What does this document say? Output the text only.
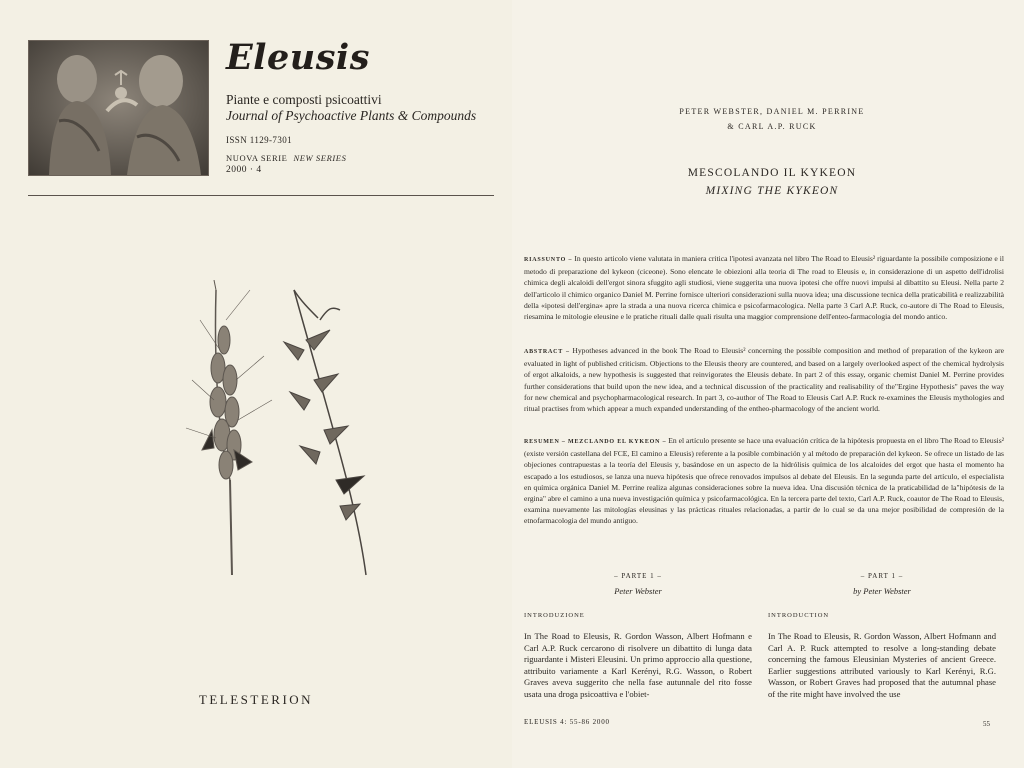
Eleusis
Piante e composti psicoattivi
Journal of Psychoactive Plants & Compounds
ISSN 1129-7301
NUOVA SERIE NEW SERIES
2000 · 4
TELESTERION
PETER WEBSTER, DANIEL M. PERRINE
& CARL A.P. RUCK
MESCOLANDO IL KYKEON
MIXING THE KYKEON
RIASSUNTO – In questo articolo viene valutata in maniera critica l'ipotesi avanzata nel libro The Road to Eleusis² riguardante la possibile composizione e il metodo di preparazione del kykeon (ciceone). Sono elencate le obiezioni alla teoria di The road to Eleusis e, in considerazione di un aspetto dell'idrolisi chimica degli alcaloidi dell'ergot sinora sfuggito agli studiosi, viene suggerita una nuova ipotesi che offre nuovi impulsi al dibattito su Eleusi. Nella parte 2 dell'articolo il chimico organico Daniel M. Perrine fornisce ulteriori considerazioni sulla nuova idea; una discussione tecnica della praticabilità e realizzabilità della «ipotesi dell'ergina» apre la strada a una nuova ricerca chimica e psicofarmacologica. Nella parte 3 Carl A.P. Ruck, co-autore di The Road to Eleusis, riesamina le mitologie eleusine e le pratiche rituali dalle quali risulta una maggior comprensione dell'enteo-farmacologia del mondo antico.
ABSTRACT – Hypotheses advanced in the book The Road to Eleusis² concerning the possible composition and method of preparation of the kykeon are evaluated in light of published criticism. Objections to the Eleusis theory are countered, and based on a largely overlooked aspect of the chemical hydrolysis of ergot alkaloids, a new hypothesis is suggested that reinvigorates the Eleusis debate. In part 2 of this essay, organic chemist Daniel M. Perrine provides further considerations that build upon the new idea, and a technical discussion of the practicality and realisability of the"Ergine Hypothesis" paves the way for new chemical and psychopharmacological research. In part 3, co-author of The Road to Eleusis Carl A.P. Ruck re-examines the Eleusis mythologies and ritual practises from which appear a much expanded understanding of the entheo-pharmacology of the ancient world.
RESUMEN – MEZCLANDO EL KYKEON – En el artículo presente se hace una evaluación crítica de la hipótesis propuesta en el libro The Road to Eleusis² (existe versión castellana del FCE, El camino a Eleusis) referente a la posible combinación y al método de preparación del kykeon. Se ofrece un listado de las objeciones contrapuestas a la teoría del Eleusis y, basándose en un aspecto de la hidrólisis química de los alcaloides del ergot que hasta el momento ha escapado a los estudiosos, se lanza una nueva hipótesis que ofrece renovados impulsos al debate del Eleusis. En la segunda parte del artículo, el especialista en química orgánica Daniel M. Perrine realiza algunas consideraciones sobre la nueva idea. Una discusión técnica de la praticabilidad de la"hipótesis de la ergina" abre el camino a una nueva investigación química y psicofarmacológica. En la tercera parte del texto, Carl A.P. Ruck, coautor de The Road to Eleusis, examina nuevamente las mitologías eleusinas y las prácticas rituales relacionadas, a partir de lo cual se da una mejor posibilidad de compresión de la etnofarmacologia del mundo antiguo.
– PARTE 1 –
Peter Webster
INTRODUZIONE
In The Road to Eleusis, R. Gordon Wasson, Albert Hofmann e Carl A.P. Ruck cercarono di risolvere un dibattito di lunga data riguardante i Misteri Eleusini. Un primo approccio alla questione, attribuito variamente a Karl Kerényi, R.G. Wasson, o Robert Graves aveva suggerito che nella fase autunnale del rito fosse usata una droga psicoattiva e l'obiet-
– PART 1 –
by Peter Webster
INTRODUCTION
In The Road to Eleusis, R. Gordon Wasson, Albert Hofmann and Carl A. P. Ruck attempted to resolve a long-standing debate concerning the famous Eleusinian Mysteries of ancient Greece. Earlier suggestions attributed variously to Karl Kerényi, R.G. Wasson, or Robert Graves had proposed that the autumnal phase of the rite might have involved the use
ELEUSIS 4: 55-86 2000	55
